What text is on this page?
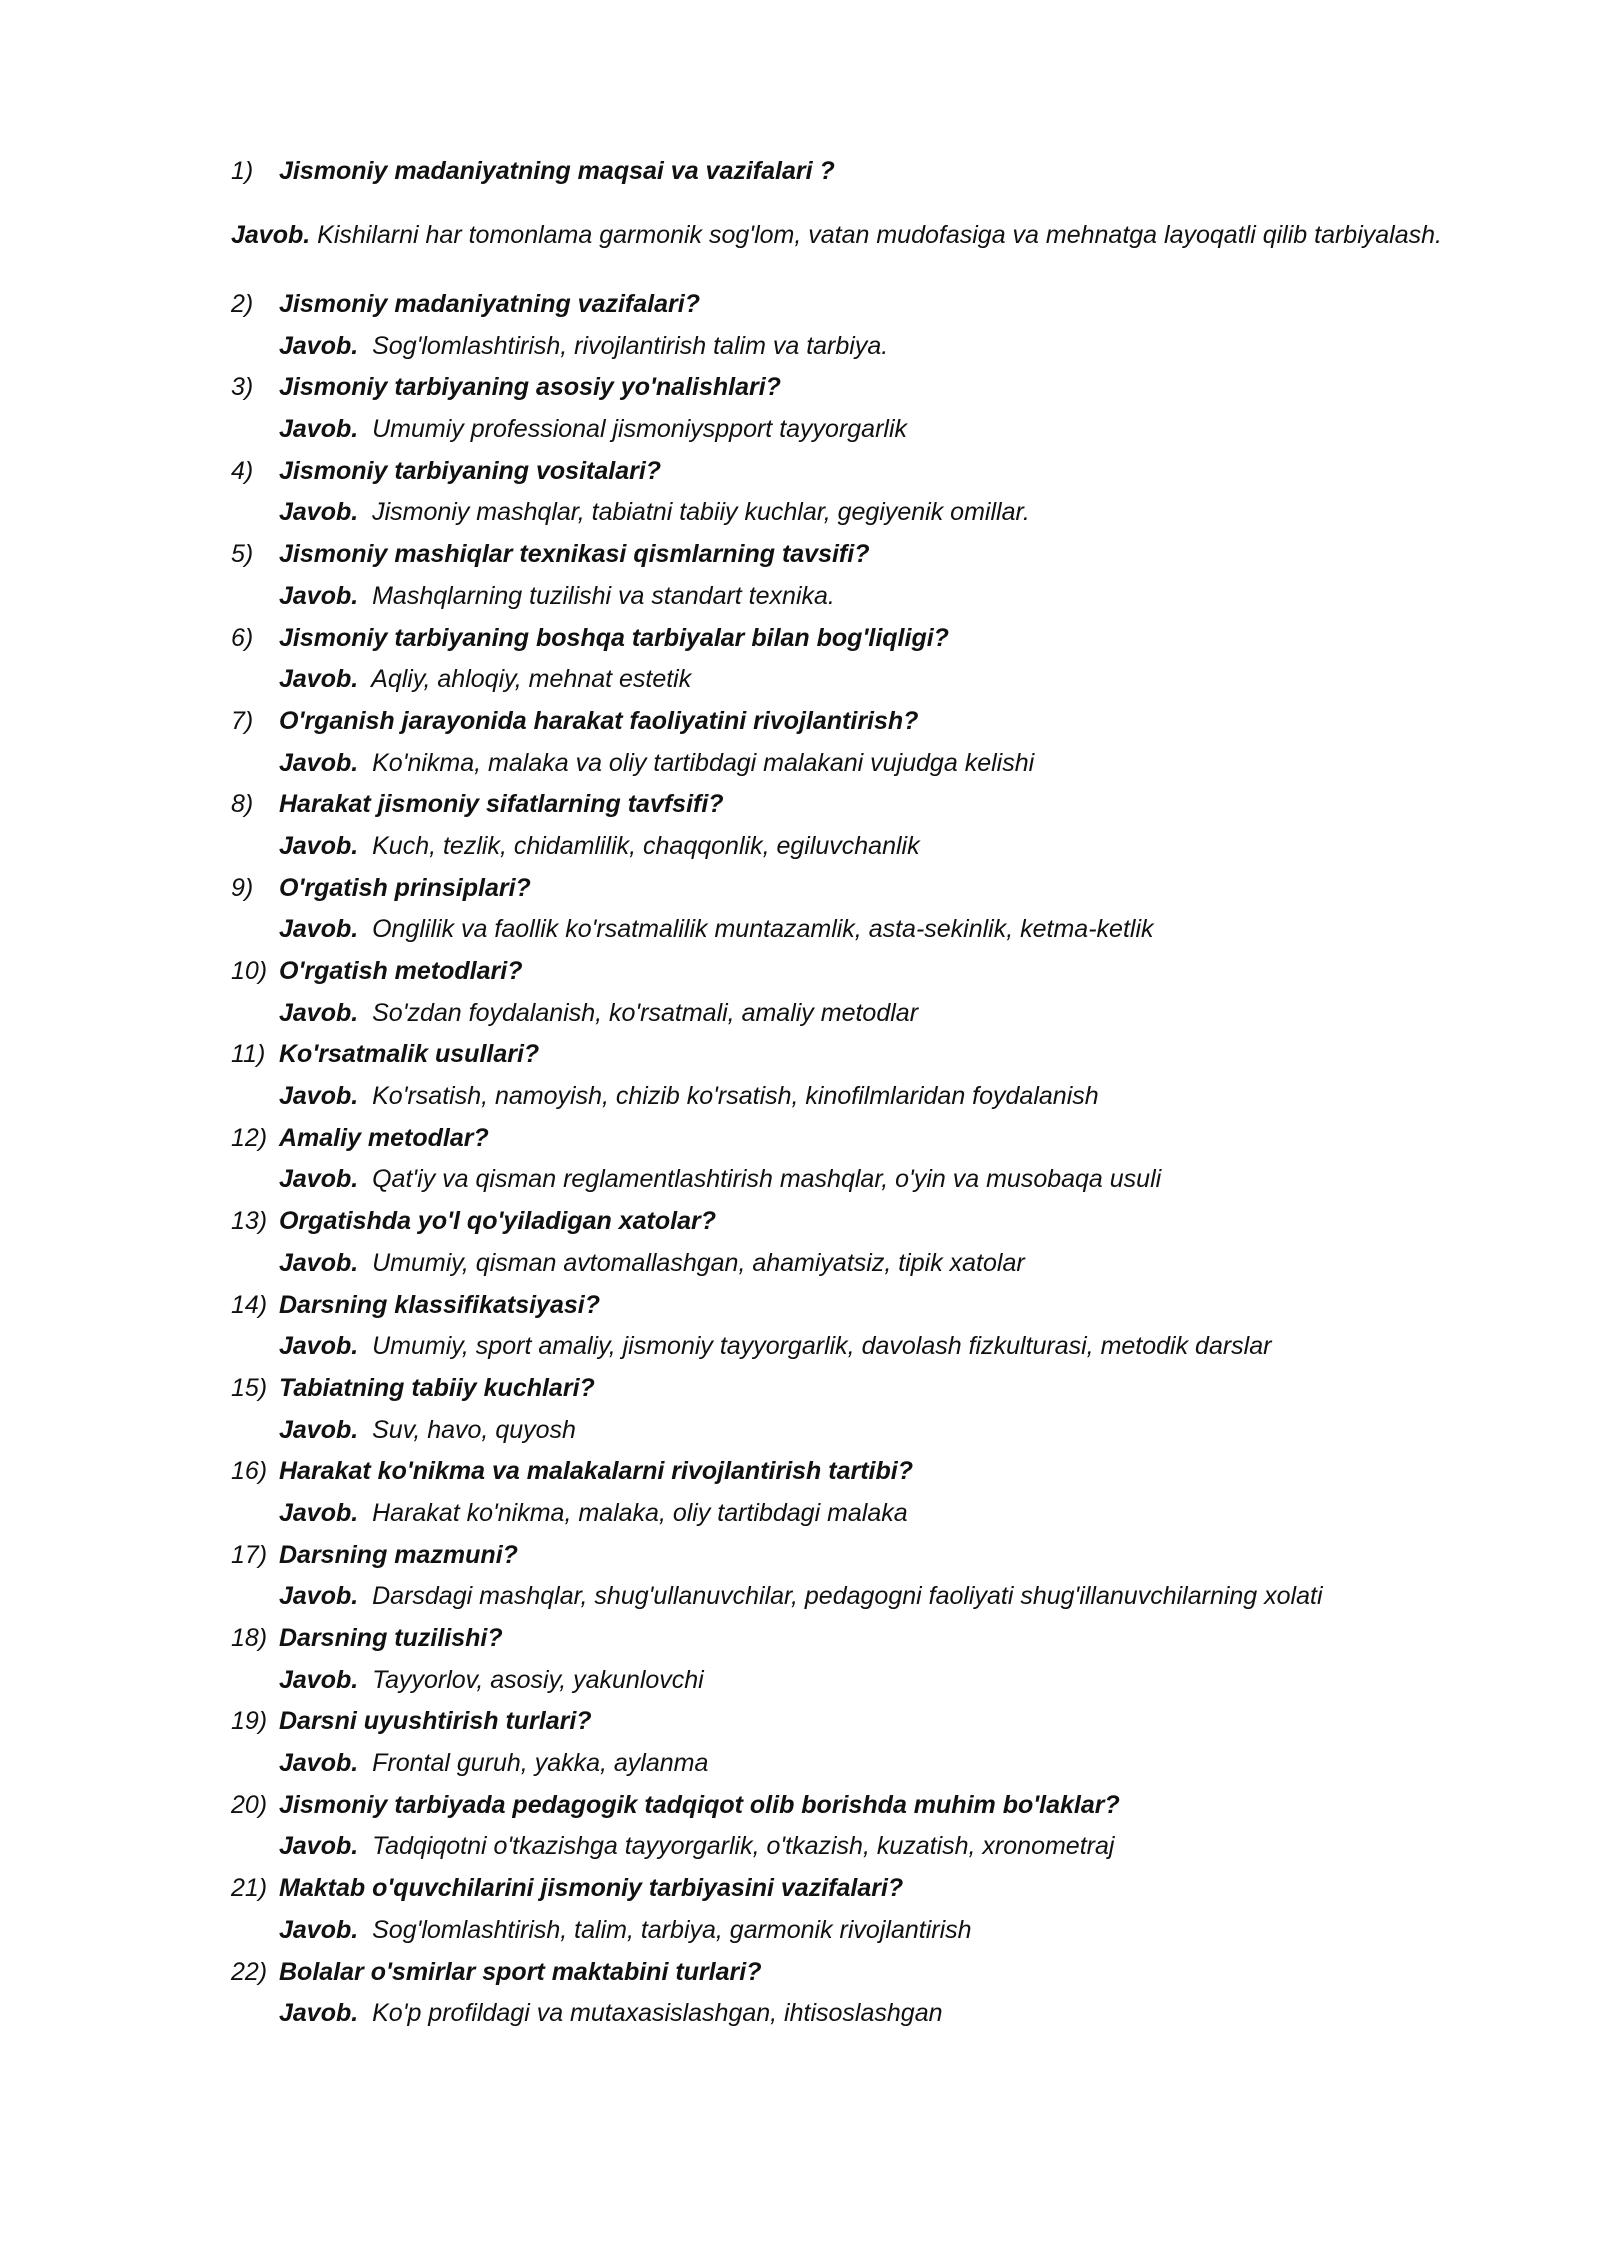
1)	Jismoniy madaniyatning maqsai va vazifalari ?
Javob. Kishilarni har tomonlama garmonik sog'lom, vatan mudofasiga va mehnatga layoqatli qilib tarbiyalash.
2)	Jismoniy madaniyatning vazifalari?
Javob. Sog'lomlashtirish, rivojlantirish talim va tarbiya.
3)	Jismoniy tarbiyaning asosiy yo'nalishlari?
Javob. Umumiy professional jismoniyspport tayyorgarlik
4)	Jismoniy tarbiyaning vositalari?
Javob. Jismoniy mashqlar, tabiatni tabiiy kuchlar, gegiyenik omillar.
5)	Jismoniy mashiqlar texnikasi qismlarning tavsifi?
Javob. Mashqlarning tuzilishi va standart texnika.
6)	Jismoniy tarbiyaning boshqa tarbiyalar bilan bog'liqligi?
Javob. Aqliy, ahloqiy, mehnat estetik
7)	O'rganish jarayonida harakat faoliyatini rivojlantirish?
Javob. Ko'nikma, malaka va oliy tartibdagi malakani vujudga kelishi
8)	Harakat jismoniy sifatlarning tavfsifi?
Javob. Kuch, tezlik, chidamlilik, chaqqonlik, egiluvchanlik
9)	O'rgatish prinsiplari?
Javob. Onglilik va faollik ko'rsatmalilik muntazamlik, asta-sekinlik, ketma-ketlik
10) O'rgatish metodlari?
Javob. So'zdan foydalanish, ko'rsatmali, amaliy metodlar
11) Ko'rsatmalik usullari?
Javob. Ko'rsatish, namoyish, chizib ko'rsatish, kinofilmlaridan foydalanish
12) Amaliy metodlar?
Javob. Qat'iy va qisman reglamentlashtirish mashqlar, o'yin va musobaqa usuli
13) Orgatishda yo'l qo'yiladigan xatolar?
Javob. Umumiy, qisman avtomallashgan, ahamiyatsiz, tipik xatolar
14) Darsning klassifikatsiyasi?
Javob. Umumiy, sport amaliy, jismoniy tayyorgarlik, davolash fizkulturasi, metodik darslar
15) Tabiatning tabiiy kuchlari?
Javob. Suv, havo, quyosh
16) Harakat ko'nikma va malakalarni rivojlantirish tartibi?
Javob. Harakat ko'nikma, malaka, oliy tartibdagi malaka
17) Darsning mazmuni?
Javob. Darsdagi mashqlar, shug'ullanuvchilar, pedagogni faoliyati shug'illanuvchilarning xolati
18) Darsning tuzilishi?
Javob. Tayyorlov, asosiy, yakunlovchi
19) Darsni uyushtirish turlari?
Javob. Frontal guruh, yakka, aylanma
20) Jismoniy tarbiyada pedagogik tadqiqot olib borishda muhim bo'laklar?
Javob. Tadqiqotni o'tkazishga tayyorgarlik, o'tkazish, kuzatish, xronometraj
21) Maktab o'quvchilarini jismoniy tarbiyasini vazifalari?
Javob. Sog'lomlashtirish, talim, tarbiya, garmonik rivojlantirish
22) Bolalar o'smirlar sport maktabini turlari?
Javob. Ko'p profildagi va mutaxasislashgan, ihtisoslashgan
